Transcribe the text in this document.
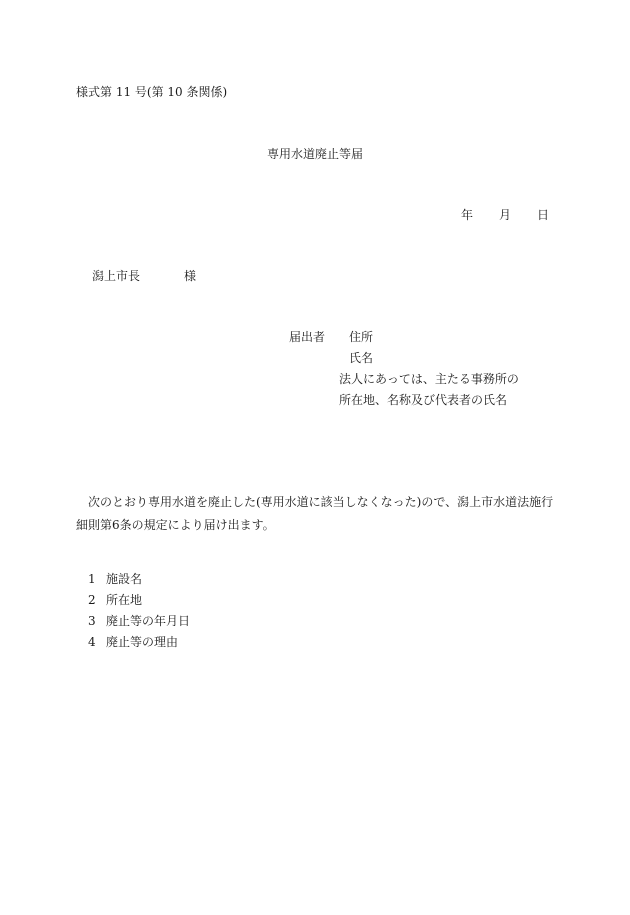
様式第 11 号(第 10 条関係)
専用水道廃止等届
年 月 日
潟上市長	様
届出者 住所
氏名
法人にあっては、主たる事務所の
所在地、名称及び代表者の氏名
次のとおり専用水道を廃止した(専用水道に該当しなくなった)ので、潟上市水道法施行細則第6条の規定により届け出ます。
1 施設名
2 所在地
3 廃止等の年月日
4 廃止等の理由
